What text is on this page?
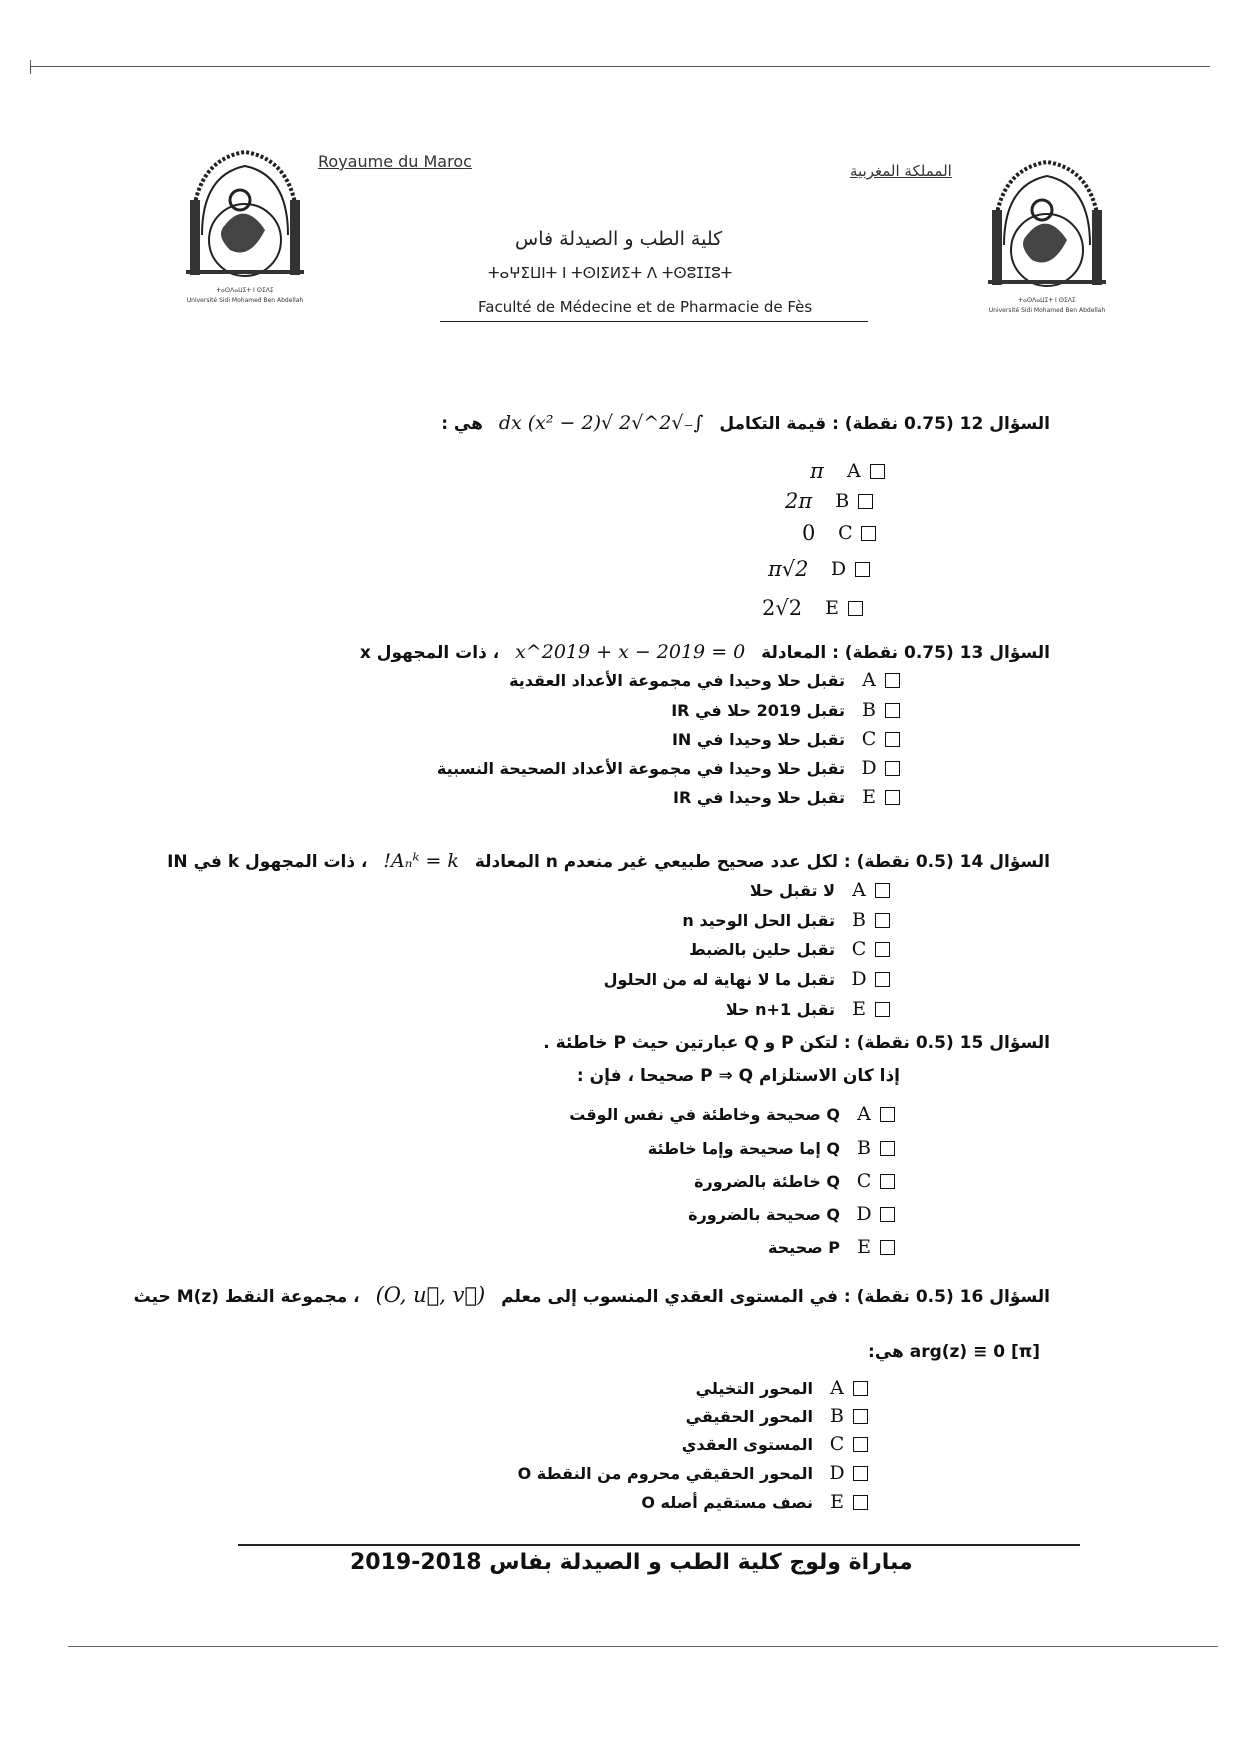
ⵜⴰⵙⴷⴰⵡⵉⵜ ⵏ ⵙⵉⴷⵉ
Université Sidi Mohamed Ben Abdellah	ⵜⴰⵙⴷⴰⵡⵉⵜ ⵏ ⵙⵉⴷⵉ
Université Sidi Mohamed Ben Abdellah
Royaume du Maroc	المملكة المغربية
كلية الطب و الصيدلة فاس
ⵜⴰⵖⵉⵡⵏⵜ ⵏ ⵜⵙⵏⵉⵍⵉⵜ ⴷ ⵜⵙⵓⵊⵊⵓⵜ
Faculté de Médecine et de Pharmacie de Fès
السؤال 12 (0.75 نقطة) : قيمة التكامل ∫₋√2^√2 √(2 − x²) dx هي :
π A
2π B
0 C
π√2 D
2√2 E
السؤال 13 (0.75 نقطة) : المعادلة x^2019 + x − 2019 = 0 ، ذات المجهول x
تقبل حلا وحيدا في مجموعة الأعداد العقدية A
تقبل 2019 حلا في IR B
تقبل حلا وحيدا في IN C
تقبل حلا وحيدا في مجموعة الأعداد الصحيحة النسبية D
تقبل حلا وحيدا في IR E
السؤال 14 (0.5 نقطة) : لكل عدد صحيح طبيعي غير منعدم n المعادلة Aₙᵏ = k! ، ذات المجهول k في IN
لا تقبل حلا A
تقبل الحل الوحيد n B
تقبل حلين بالضبط C
تقبل ما لا نهاية له من الحلول D
تقبل n+1 حلا E
السؤال 15 (0.5 نقطة) : لتكن P و Q عبارتين حيث P خاطئة .
إذا كان الاستلزام P ⇒ Q صحيحا ، فإن :
Q صحيحة وخاطئة في نفس الوقت A
Q إما صحيحة وإما خاطئة B
Q خاطئة بالضرورة C
Q صحيحة بالضرورة D
P صحيحة E
السؤال 16 (0.5 نقطة) : في المستوى العقدي المنسوب إلى معلم (O, u⃗, v⃗) ، مجموعة النقط M(z) حيث
arg(z) ≡ 0 [π] هي:
المحور التخيلي A
المحور الحقيقي B
المستوى العقدي C
المحور الحقيقي محروم من النقطة O D
نصف مستقيم أصله O E
مباراة ولوج كلية الطب و الصيدلة بفاس 2018-2019
